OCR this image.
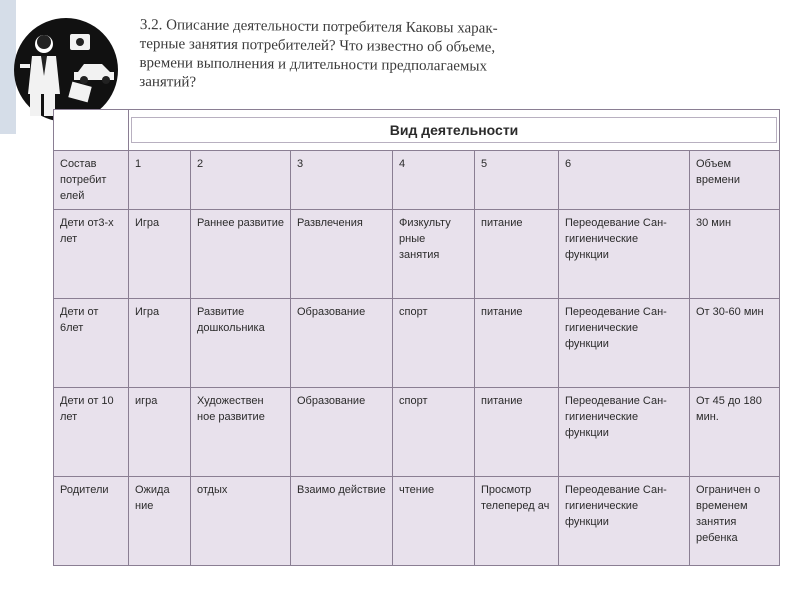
3.2. Описание деятельности потребителя Каковы харак-
терные занятия потребителей? Что известно об объеме,
времени выполнения и длительности предполагаемых
занятий?

	Вид деятельности						

Состав потребит елей	1	2	3	4	5	6	Объем времени
Дети от3-х лет	Игра	Раннее развитие	Развлечения	Физкульту рные занятия	питание	Переодевание Сан-гигиенические функции	30 мин
Дети от 6лет	Игра	Развитие дошкольника	Образование	спорт	питание	Переодевание Сан-гигиенические функции	От 30-60 мин
Дети от 10 лет	игра	Художествен ное развитие	Образование	спорт	питание	Переодевание Сан-гигиенические функции	От 45 до 180 мин.
Родители	Ожида ние	отдых	Взаимо действие	чтение	Просмотр телеперед ач	Переодевание Сан-гигиенические функции	Ограничен о временем занятия ребенка
